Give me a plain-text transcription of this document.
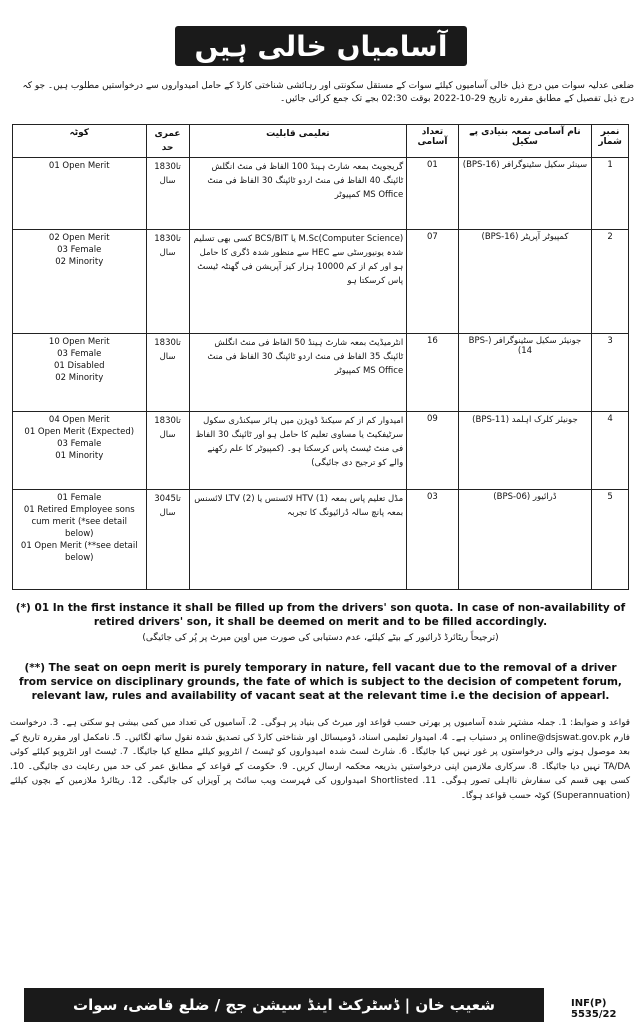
آسامیاں خالی ہیں
ضلعی عدلیہ سوات میں درج ذیل خالی آسامیوں کیلئے سوات کے مستقل سکونتی اور رہائشی شناختی کارڈ کے حامل امیدواروں سے درخواستیں مطلوب ہیں۔ جو کہ درج ذیل تفصیل کے مطابق مقررہ تاریخ 29-10-2022 بوقت 02:30 بجے تک جمع کرائی جائیں۔
کوٹہ	عمری حد	تعلیمی قابلیت	تعداد آسامی	نام آسامی بمعہ بنیادی پے سکیل	نمبر شمار

01 Open Merit	18تا30 سال	گریجویٹ بمعہ شارٹ ہینڈ 100 الفاظ فی منٹ انگلش ٹائپنگ 40 الفاظ فی منٹ اردو ٹائپنگ 30 الفاظ فی منٹ MS Office کمپیوٹر	01	سینئر سکیل سٹینوگرافر (BPS-16)	1

02 Open Merit
03 Female
02 Minority	18تا30 سال	M.Sc(Computer Science) یا BCS/BIT کسی بھی تسلیم شدہ یونیورسٹی سے HEC سے منظور شدہ ڈگری کا حامل ہو اور کم از کم 10000 ہزار کیز آپریشن فی گھنٹہ ٹیسٹ پاس کرسکتا ہو	07	کمپیوٹر آپریٹر (BPS-16)	2

10 Open Merit
03 Female
01 Disabled
02 Minority	18تا30 سال	انٹرمیڈیٹ بمعہ شارٹ ہینڈ 50 الفاظ فی منٹ انگلش ٹائپنگ 35 الفاظ فی منٹ اردو ٹائپنگ 30 الفاظ فی منٹ MS Office کمپیوٹر	16	جونیئر سکیل سٹینوگرافر (BPS-14)	3

04 Open Merit
01 Open Merit (Expected)
03 Female
01 Minority	18تا30 سال	امیدوار کم از کم سیکنڈ ڈویژن میں ہائر سیکنڈری سکول سرٹیفکیٹ یا مساوی تعلیم کا حامل ہو اور ٹائپنگ 30 الفاظ فی منٹ ٹیسٹ پاس کرسکتا ہو۔ (کمپیوٹر کا علم رکھنے والے کو ترجیح دی جائیگی)	09	جونیئر کلرک اہلمد (BPS-11)	4

01 Female
01 Retired Employee sons cum merit (*see detail below)
01 Open Merit (**see detail below)	30تا45 سال	مڈل تعلیم پاس بمعہ (1) HTV لائسنس یا (2) LTV لائسنس بمعہ پانچ سالہ ڈرائیونگ کا تجربہ	03	ڈرائیور (BPS-06)	5
(*) 01 In the first instance it shall be filled up from the drivers' son quota. In case of non-availability of retired drivers' son, it shall be deemed on merit and to be filled accordingly.
(ترجیحاً ریٹائرڈ ڈرائیور کے بیٹے کیلئے، عدم دستیابی کی صورت میں اوپن میرٹ پر پُر کی جائیگی)
(**) The seat on oepn merit is purely temporary in nature, fell vacant due to the removal of a driver from service on disciplinary grounds, the fate of which is subject to the decision of competent forum, relevant law, rules and availability of vacant seat at the relevant time i.e the decision of appearl.
قواعد و ضوابط: 1. جملہ مشتہر شدہ آسامیوں پر بھرتی حسب قواعد اور میرٹ کی بنیاد پر ہوگی۔ 2. آسامیوں کی تعداد میں کمی بیشی ہو سکتی ہے۔ 3. درخواست فارم online@dsjswat.gov.pk پر دستیاب ہے۔ 4. امیدوار تعلیمی اسناد، ڈومیسائل اور شناختی کارڈ کی تصدیق شدہ نقول ساتھ لگائیں۔ 5. نامکمل اور مقررہ تاریخ کے بعد موصول ہونے والی درخواستوں پر غور نہیں کیا جائیگا۔ 6. شارٹ لسٹ شدہ امیدواروں کو ٹیسٹ / انٹرویو کیلئے مطلع کیا جائیگا۔ 7. ٹیسٹ اور انٹرویو کیلئے کوئی TA/DA نہیں دیا جائیگا۔ 8. سرکاری ملازمین اپنی درخواستیں بذریعہ محکمہ ارسال کریں۔ 9. حکومت کے قواعد کے مطابق عمر کی حد میں رعایت دی جائیگی۔ 10. کسی بھی قسم کی سفارش نااہلی تصور ہوگی۔ 11. Shortlisted امیدواروں کی فہرست ویب سائٹ پر آویزاں کی جائیگی۔ 12. ریٹائرڈ ملازمین کے بچوں کیلئے (Superannuation) کوٹہ حسب قواعد ہوگا۔
شعیب خان | ڈسٹرکٹ اینڈ سیشن جج / ضلع قاضی، سوات	INF(P) 5535/22
